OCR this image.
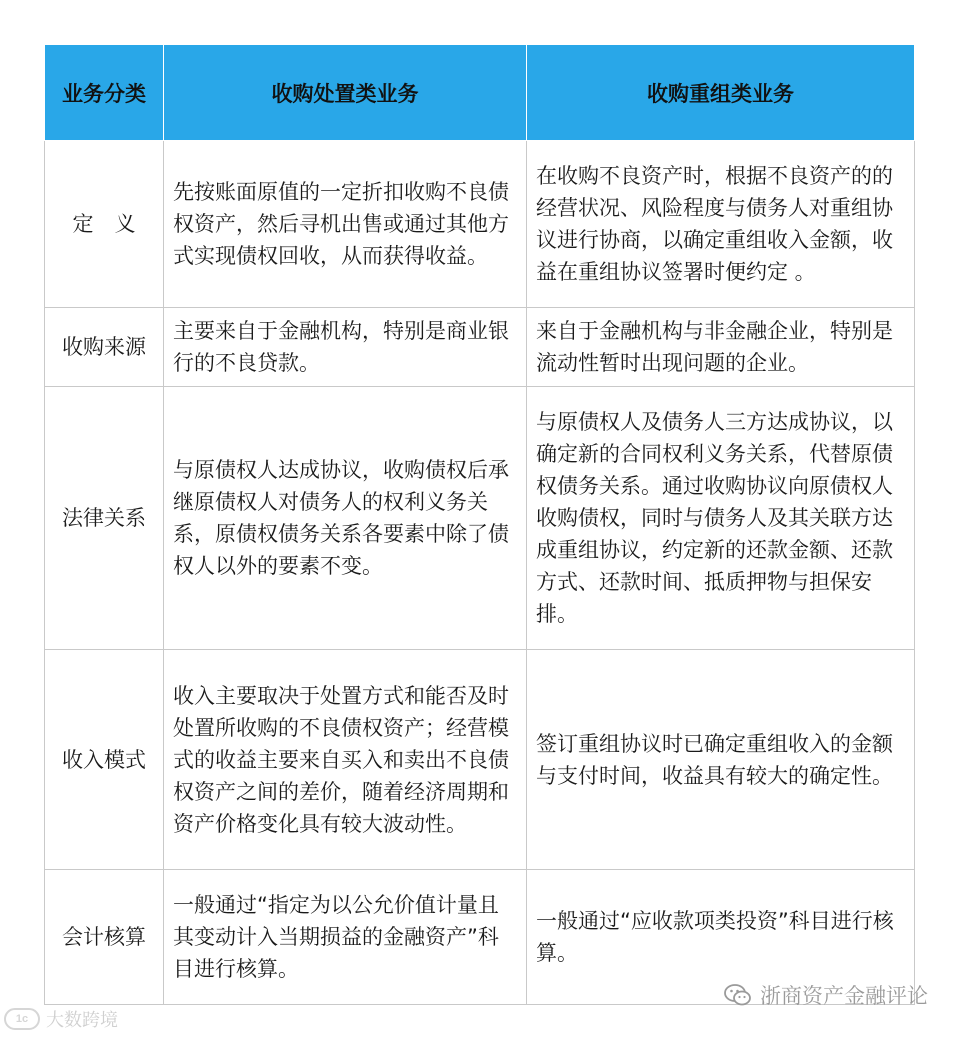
业务分类	收购处置类业务	收购重组类业务
定　义	先按账面原值的一定折扣收购不良债权资产，然后寻机出售或通过其他方式实现债权回收，从而获得收益。	在收购不良资产时，根据不良资产的的经营状况、风险程度与债务人对重组协议进行协商，以确定重组收入金额，收益在重组协议签署时便约定 。
收购来源	主要来自于金融机构，特别是商业银行的不良贷款。	来自于金融机构与非金融企业，特别是流动性暂时出现问题的企业。
法律关系	与原债权人达成协议，收购债权后承继原债权人对债务人的权利义务关系，原债权债务关系各要素中除了债权人以外的要素不变。	与原债权人及债务人三方达成协议，以确定新的合同权利义务关系，代替原债权债务关系。通过收购协议向原债权人收购债权，同时与债务人及其关联方达成重组协议，约定新的还款金额、还款方式、还款时间、抵质押物与担保安排。
收入模式	收入主要取决于处置方式和能否及时处置所收购的不良债权资产；经营模式的收益主要来自买入和卖出不良债权资产之间的差价，随着经济周期和资产价格变化具有较大波动性。	签订重组协议时已确定重组收入的金额与支付时间，收益具有较大的确定性。
会计核算	一般通过“指定为以公允价值计量且其变动计入当期损益的金融资产”科目进行核算。	一般通过“应收款项类投资”科目进行核算。
1c 大数跨境
浙商资产金融评论
